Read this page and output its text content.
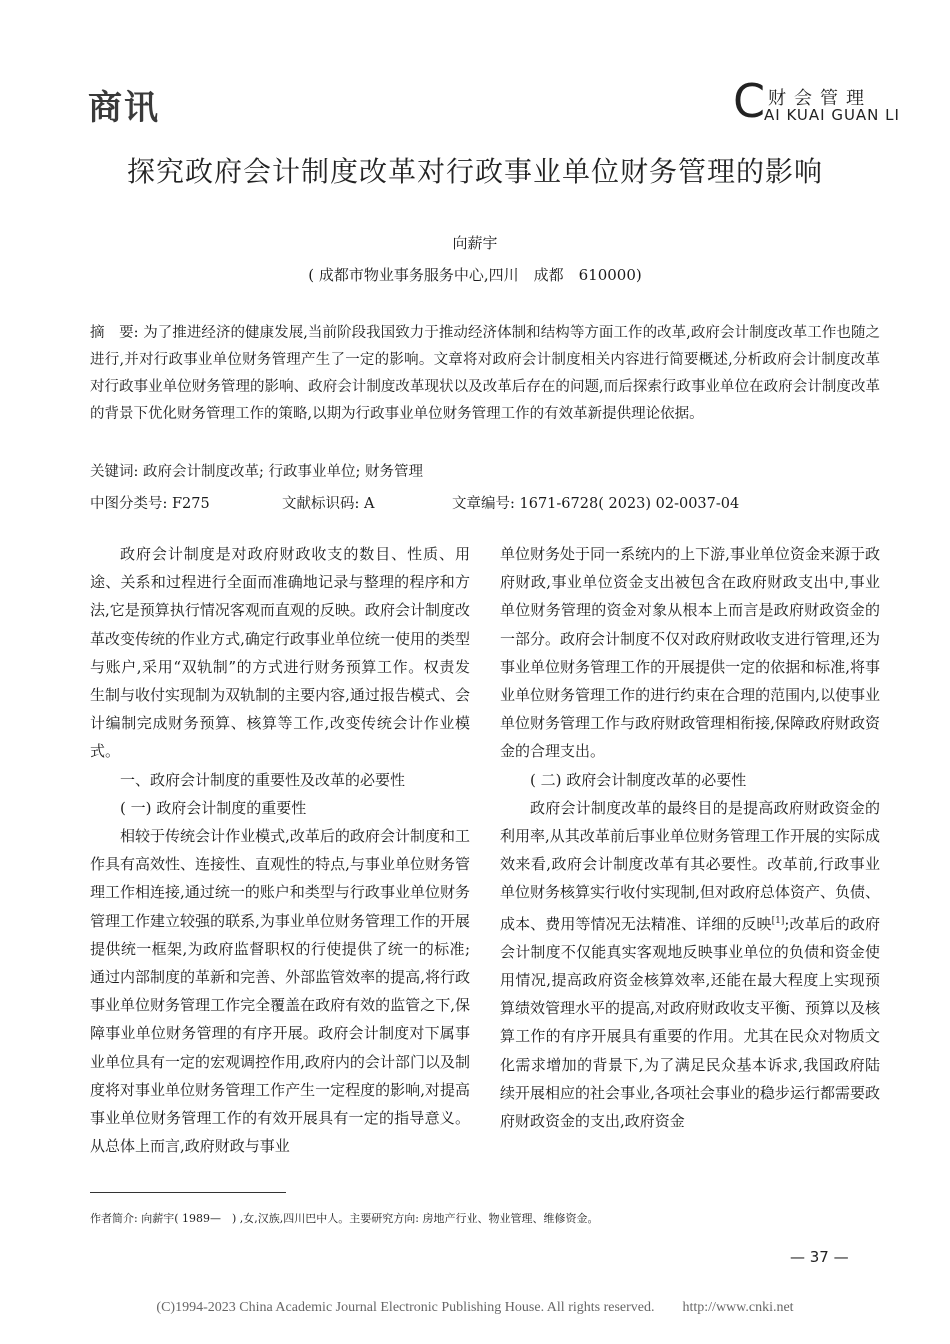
商讯	C 财会管理
AI KUAI GUAN LI
探究政府会计制度改革对行政事业单位财务管理的影响
向薪宇
( 成都市物业事务服务中心,四川　成都　610000)
摘　要: 为了推进经济的健康发展,当前阶段我国致力于推动经济体制和结构等方面工作的改革,政府会计制度改革工作也随之进行,并对行政事业单位财务管理产生了一定的影响。文章将对政府会计制度相关内容进行简要概述,分析政府会计制度改革对行政事业单位财务管理的影响、政府会计制度改革现状以及改革后存在的问题,而后探索行政事业单位在政府会计制度改革的背景下优化财务管理工作的策略,以期为行政事业单位财务管理工作的有效革新提供理论依据。
关键词: 政府会计制度改革; 行政事业单位; 财务管理
中图分类号: F275	文献标识码: A	文章编号: 1671-6728( 2023) 02-0037-04

政府会计制度是对政府财政收支的数目、性质、用途、关系和过程进行全面而准确地记录与整理的程序和方法,它是预算执行情况客观而直观的反映。政府会计制度改革改变传统的作业方式,确定行政事业单位统一使用的类型与账户,采用“双轨制”的方式进行财务预算工作。权责发生制与收付实现制为双轨制的主要内容,通过报告模式、会计编制完成财务预算、核算等工作,改变传统会计作业模式。

一、政府会计制度的重要性及改革的必要性
( 一) 政府会计制度的重要性

相较于传统会计作业模式,改革后的政府会计制度和工作具有高效性、连接性、直观性的特点,与事业单位财务管理工作相连接,通过统一的账户和类型与行政事业单位财务管理工作建立较强的联系,为事业单位财务管理工作的开展提供统一框架,为政府监督职权的行使提供了统一的标准;通过内部制度的革新和完善、外部监管效率的提高,将行政事业单位财务管理工作完全覆盖在政府有效的监管之下,保障事业单位财务管理的有序开展。政府会计制度对下属事业单位具有一定的宏观调控作用,政府内的会计部门以及制度将对事业单位财务管理工作产生一定程度的影响,对提高事业单位财务管理工作的有效开展具有一定的指导意义。从总体上而言,政府财政与事业

单位财务处于同一系统内的上下游,事业单位资金来源于政府财政,事业单位资金支出被包含在政府财政支出中,事业单位财务管理的资金对象从根本上而言是政府财政资金的一部分。政府会计制度不仅对政府财政收支进行管理,还为事业单位财务管理工作的开展提供一定的依据和标准,将事业单位财务管理工作的进行约束在合理的范围内,以使事业单位财务管理工作与政府财政管理相衔接,保障政府财政资金的合理支出。

( 二) 政府会计制度改革的必要性

政府会计制度改革的最终目的是提高政府财政资金的利用率,从其改革前后事业单位财务管理工作开展的实际成效来看,政府会计制度改革有其必要性。改革前,行政事业单位财务核算实行收付实现制,但对政府总体资产、负债、成本、费用等情况无法精准、详细的反映[1];改革后的政府会计制度不仅能真实客观地反映事业单位的负债和资金使用情况,提高政府资金核算效率,还能在最大程度上实现预算绩效管理水平的提高,对政府财政收支平衡、预算以及核算工作的有序开展具有重要的作用。尤其在民众对物质文化需求增加的背景下,为了满足民众基本诉求,我国政府陆续开展相应的社会事业,各项社会事业的稳步运行都需要政府财政资金的支出,政府资金

作者简介: 向薪宇( 1989—　) ,女,汉族,四川巴中人。主要研究方向: 房地产行业、物业管理、维修资金。
— 37 —
(C)1994-2023 China Academic Journal Electronic Publishing House. All rights reserved.　　http://www.cnki.net
